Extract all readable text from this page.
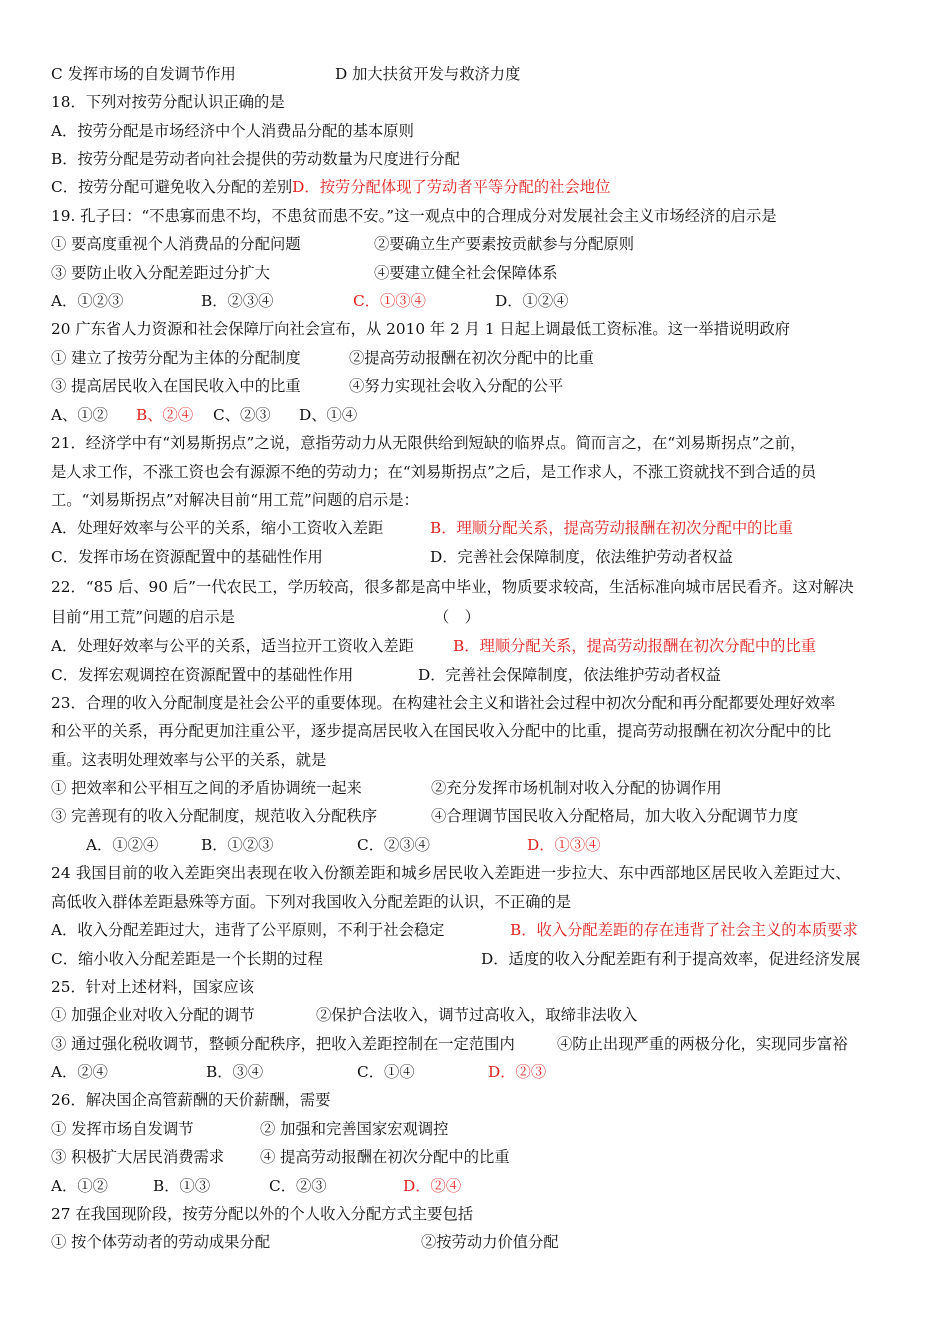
C 发挥市场的自发调节作用	D 加大扶贫开发与救济力度
18．下列对按劳分配认识正确的是
A．按劳分配是市场经济中个人消费品分配的基本原则
B．按劳分配是劳动者向社会提供的劳动数量为尺度进行分配
C．按劳分配可避免收入分配的差别D．按劳分配体现了劳动者平等分配的社会地位
19. 孔子曰：“不患寡而患不均，不患贫而患不安。”这一观点中的合理成分对发展社会主义市场经济的启示是
① 要高度重视个人消费品的分配问题	②要确立生产要素按贡献参与分配原则
③ 要防止收入分配差距过分扩大	④要建立健全社会保障体系
A．①②③	B．②③④	C．①③④	D．①②④
20 广东省人力资源和社会保障厅向社会宣布，从 2010 年 2 月 1 日起上调最低工资标准。这一举措说明政府
① 建立了按劳分配为主体的分配制度	②提高劳动报酬在初次分配中的比重
③ 提高居民收入在国民收入中的比重	④努力实现社会收入分配的公平
A、①② B、②④ C、②③ D、①④
21．经济学中有“刘易斯拐点”之说，意指劳动力从无限供给到短缺的临界点。简而言之，在“刘易斯拐点”之前，
是人求工作，不涨工资也会有源源不绝的劳动力；在“刘易斯拐点”之后，是工作求人，不涨工资就找不到合适的员
工。“刘易斯拐点”对解决目前“用工荒”问题的启示是：
A．处理好效率与公平的关系，缩小工资收入差距	B．理顺分配关系，提高劳动报酬在初次分配中的比重
C．发挥市场在资源配置中的基础性作用	D．完善社会保障制度，依法维护劳动者权益
22．“85 后、90 后”一代农民工，学历较高，很多都是高中毕业，物质要求较高，生活标准向城市居民看齐。这对解决
目前“用工荒”问题的启示是	（　）
A．处理好效率与公平的关系，适当拉开工资收入差距	B．理顺分配关系，提高劳动报酬在初次分配中的比重
C．发挥宏观调控在资源配置中的基础性作用	D．完善社会保障制度，依法维护劳动者权益
23．合理的收入分配制度是社会公平的重要体现。在构建社会主义和谐社会过程中初次分配和再分配都要处理好效率
和公平的关系，再分配更加注重公平，逐步提高居民收入在国民收入分配中的比重，提高劳动报酬在初次分配中的比
重。这表明处理效率与公平的关系，就是
① 把效率和公平相互之间的矛盾协调统一起来	②充分发挥市场机制对收入分配的协调作用
③ 完善现有的收入分配制度，规范收入分配秩序	④合理调节国民收入分配格局，加大收入分配调节力度
A．①②④	B．①②③	C．②③④	D．①③④
24 我国目前的收入差距突出表现在收入份额差距和城乡居民收入差距进一步拉大、东中西部地区居民收入差距过大、
高低收入群体差距悬殊等方面。下列对我国收入分配差距的认识，不正确的是
A．收入分配差距过大，违背了公平原则，不利于社会稳定	B．收入分配差距的存在违背了社会主义的本质要求
C．缩小收入分配差距是一个长期的过程	D．适度的收入分配差距有利于提高效率，促进经济发展
25．针对上述材料，国家应该
① 加强企业对收入分配的调节	②保护合法收入，调节过高收入，取缔非法收入
③ 通过强化税收调节，整顿分配秩序，把收入差距控制在一定范围内	④防止出现严重的两极分化，实现同步富裕
A．②④	B．③④	C．①④	D．②③
26．解决国企高管薪酬的天价薪酬，需要
① 发挥市场自发调节	② 加强和完善国家宏观调控
③ 积极扩大居民消费需求 ④ 提高劳动报酬在初次分配中的比重
A．①②	B．①③	C．②③	D．②④
27 在我国现阶段，按劳分配以外的个人收入分配方式主要包括
① 按个体劳动者的劳动成果分配	②按劳动力价值分配
